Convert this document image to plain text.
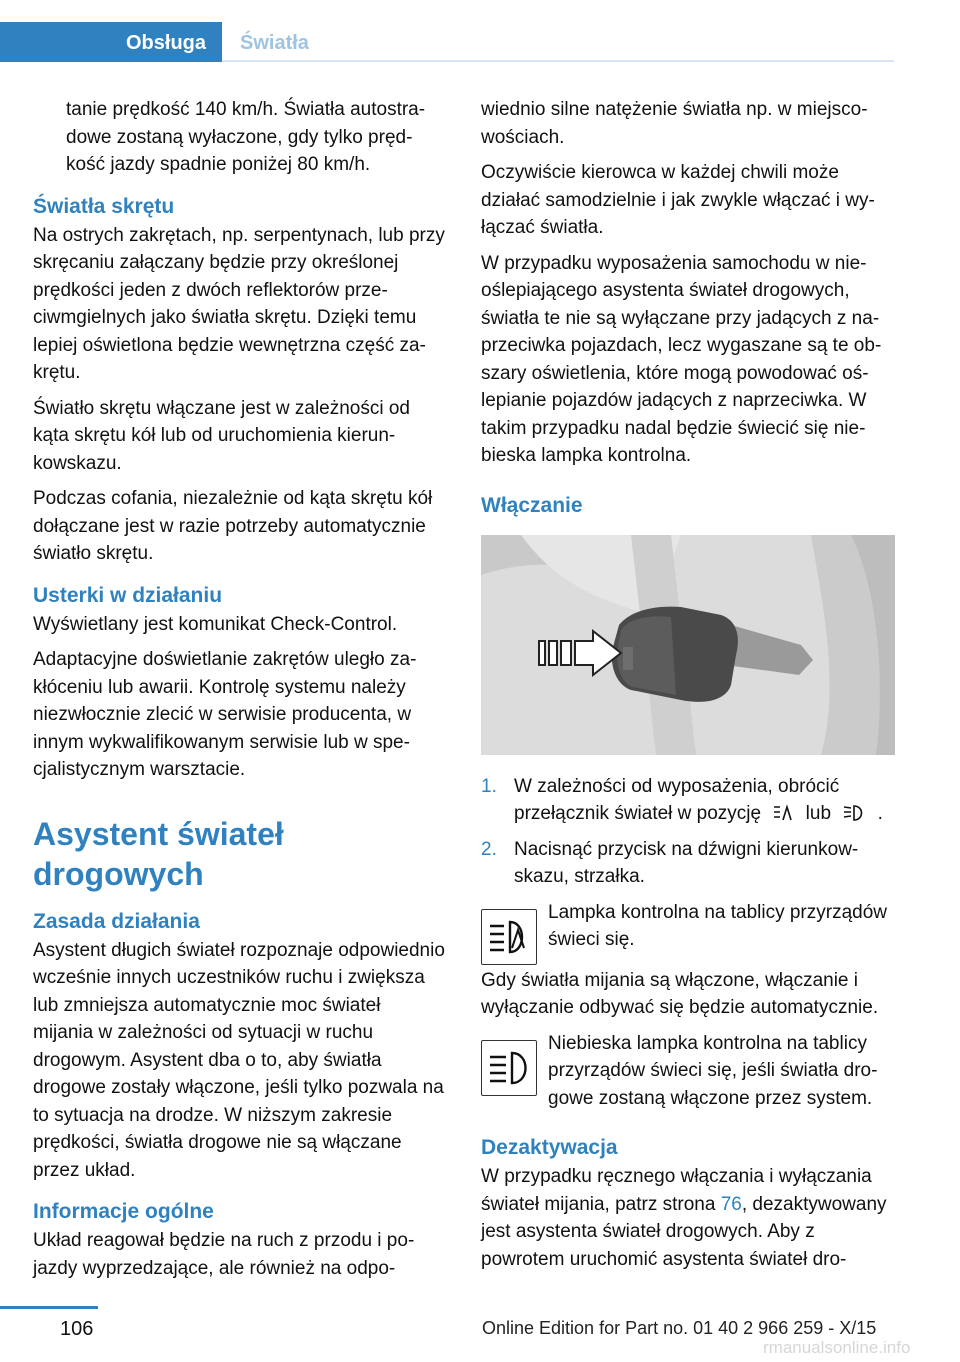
Obsługa Światła

tanie prędkość 140 km/h. Światła autostradowe zostaną wyłaczone, gdy tylko prędkość jazdy spadnie poniżej 80 km/h.

Światła skrętu

Na ostrych zakrętach, np. serpentynach, lub przy skręcaniu załączany będzie przy określonej prędkości jeden z dwóch reflektorów przeciwmgielnych jako światła skrętu. Dzięki temu lepiej oświetlona będzie wewnętrzna część zakrętu.

Światło skrętu włączane jest w zależności od kąta skrętu kół lub od uruchomienia kierunkowskazu.

Podczas cofania, niezależnie od kąta skrętu kół dołączane jest w razie potrzeby automatycznie światło skrętu.

Usterki w działaniu

Wyświetlany jest komunikat Check-Control.

Adaptacyjne doświetlanie zakrętów uległo zakłóceniu lub awarii. Kontrolę systemu należy niezwłocznie zlecić w serwisie producenta, w innym wykwalifikowanym serwisie lub w specjalistycznym warsztacie.

Asystent świateł drogowych
Zasada działania

Asystent długich świateł rozpoznaje odpowiednio wcześnie innych uczestników ruchu i zwiększa lub zmniejsza automatycznie moc świateł mijania w zależności od sytuacji w ruchu drogowym. Asystent dba o to, aby światła drogowe zostały włączone, jeśli tylko pozwala na to sytuacja na drodze. W niższym zakresie prędkości, światła drogowe nie są włączane przez układ.

Informacje ogólne

Układ reagował będzie na ruch z przodu i pojazdy wyprzedzające, ale również na odpo-

wiednio silne natężenie światła np. w miejscowościach.

Oczywiście kierowca w każdej chwili może działać samodzielnie i jak zwykle włączać i wyłączać światła.

W przypadku wyposażenia samochodu w nieoślepiającego asystenta świateł drogowych, światła te nie są wyłączane przy jadących z naprzeciwka pojazdach, lecz wygaszane są te obszary oświetlenia, które mogą powodować oślepianie pojazdów jadących z naprzeciwka. W takim przypadku nadal będzie świecić się niebieska lampka kontrolna.

Włączanie
1. W zależności od wyposażenia, obrócić przełącznik świateł w pozycję lub .
2. Nacisnąć przycisk na dźwigni kierunkowskazu, strzałka.
Lampka kontrolna na tablicy przyrządów świeci się.

Gdy światła mijania są włączone, włączanie i wyłączanie odbywać się będzie automatycznie.

Niebieska lampka kontrolna na tablicy przyrządów świeci się, jeśli światła drogowe zostaną włączone przez system.
Dezaktywacja

W przypadku ręcznego włączania i wyłączania świateł mijania, patrz strona 76, dezaktywowany jest asystenta świateł drogowych. Aby z powrotem uruchomić asystenta świateł dro-

106	Online Edition for Part no. 01 40 2 966 259 - X/15
rmanualsonline.info
